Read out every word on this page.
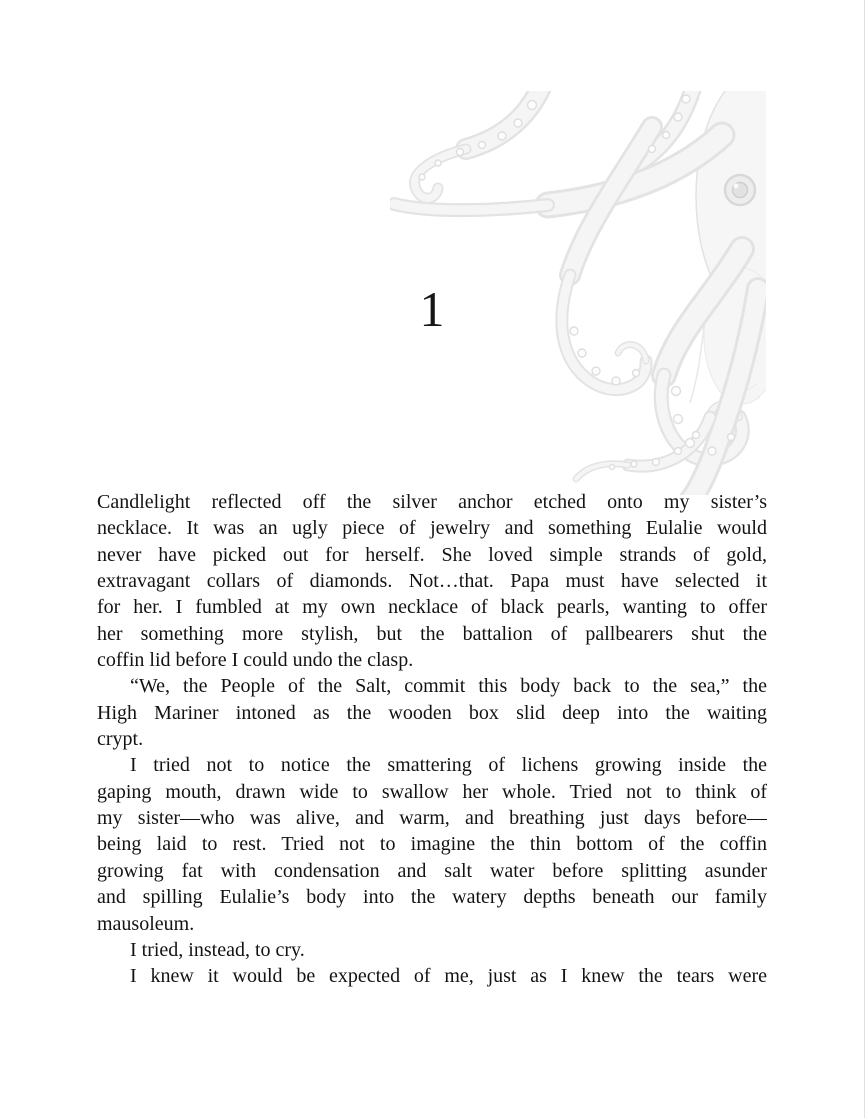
1
Candlelight reflected off the silver anchor etched onto my sister’s
necklace. It was an ugly piece of jewelry and something Eulalie would
never have picked out for herself. She loved simple strands of gold,
extravagant collars of diamonds. Not…that. Papa must have selected it
for her. I fumbled at my own necklace of black pearls, wanting to offer
her something more stylish, but the battalion of pallbearers shut the
coffin lid before I could undo the clasp.
“We, the People of the Salt, commit this body back to the sea,” the
High Mariner intoned as the wooden box slid deep into the waiting
crypt.
I tried not to notice the smattering of lichens growing inside the
gaping mouth, drawn wide to swallow her whole. Tried not to think of
my sister—who was alive, and warm, and breathing just days before—
being laid to rest. Tried not to imagine the thin bottom of the coffin
growing fat with condensation and salt water before splitting asunder
and spilling Eulalie’s body into the watery depths beneath our family
mausoleum.
I tried, instead, to cry.
I knew it would be expected of me, just as I knew the tears were
